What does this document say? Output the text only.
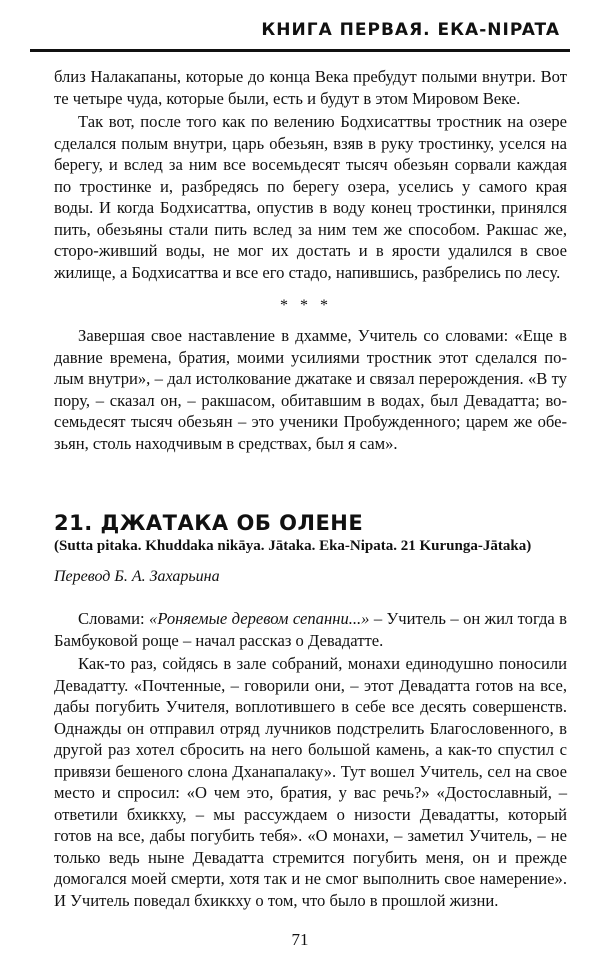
КНИГА ПЕРВАЯ. ЕКА-NIPATA

близ Налакапаны, которые до конца Века пребудут полыми внутри. Вот те четыре чуда, которые были, есть и будут в этом Мировом Веке.

Так вот, после того как по велению Бодхисаттвы тростник на озере сделался полым внутри, царь обезьян, взяв в руку тростинку, уселся на берегу, и вслед за ним все восемьдесят тысяч обезьян сорвали каждая по тростинке и, разбредясь по берегу озера, уселись у самого края воды. И когда Бодхисаттва, опустив в воду конец тростинки, принялся пить, обезьяны стали пить вслед за ним тем же способом. Ракшас же, сторо-живший воды, не мог их достать и в ярости удалился в свое жилище, а Бодхисаттва и все его стадо, напившись, разбрелись по лесу.

* * *

Завершая свое наставление в дхамме, Учитель со словами: «Еще в давние времена, братия, моими усилиями тростник этот сделался по-лым внутри», – дал истолкование джатаке и связал перерождения. «В ту пору, – сказал он, – ракшасом, обитавшим в водах, был Девадатта; во-семьдесят тысяч обезьян – это ученики Пробужденного; царем же обе-зьян, столь находчивым в средствах, был я сам».

21. ДЖАТАКА ОБ ОЛЕНЕ
(Sutta pitaka. Khuddaka nikāya. Jātaka. Eka-Nipata. 21 Kurunga-Jātaka)
Перевод Б. А. Захарьина

Словами: «Роняемые деревом сепанни...» – Учитель – он жил тогда в Бамбуковой роще – начал рассказ о Девадатте.

Как-то раз, сойдясь в зале собраний, монахи единодушно поносили Девадатту. «Почтенные, – говорили они, – этот Девадатта готов на все, дабы погубить Учителя, воплотившего в себе все десять совершенств. Однажды он отправил отряд лучников подстрелить Благословенного, в другой раз хотел сбросить на него большой камень, а как-то спустил с привязи бешеного слона Дханапалаку». Тут вошел Учитель, сел на свое место и спросил: «О чем это, братия, у вас речь?» «Достославный, – ответили бхиккху, – мы рассуждаем о низости Девадатты, который готов на все, дабы погубить тебя». «О монахи, – заметил Учитель, – не только ведь ныне Девадатта стремится погубить меня, он и прежде домогался моей смерти, хотя так и не смог выполнить свое намерение». И Учитель поведал бхиккху о том, что было в прошлой жизни.

71
